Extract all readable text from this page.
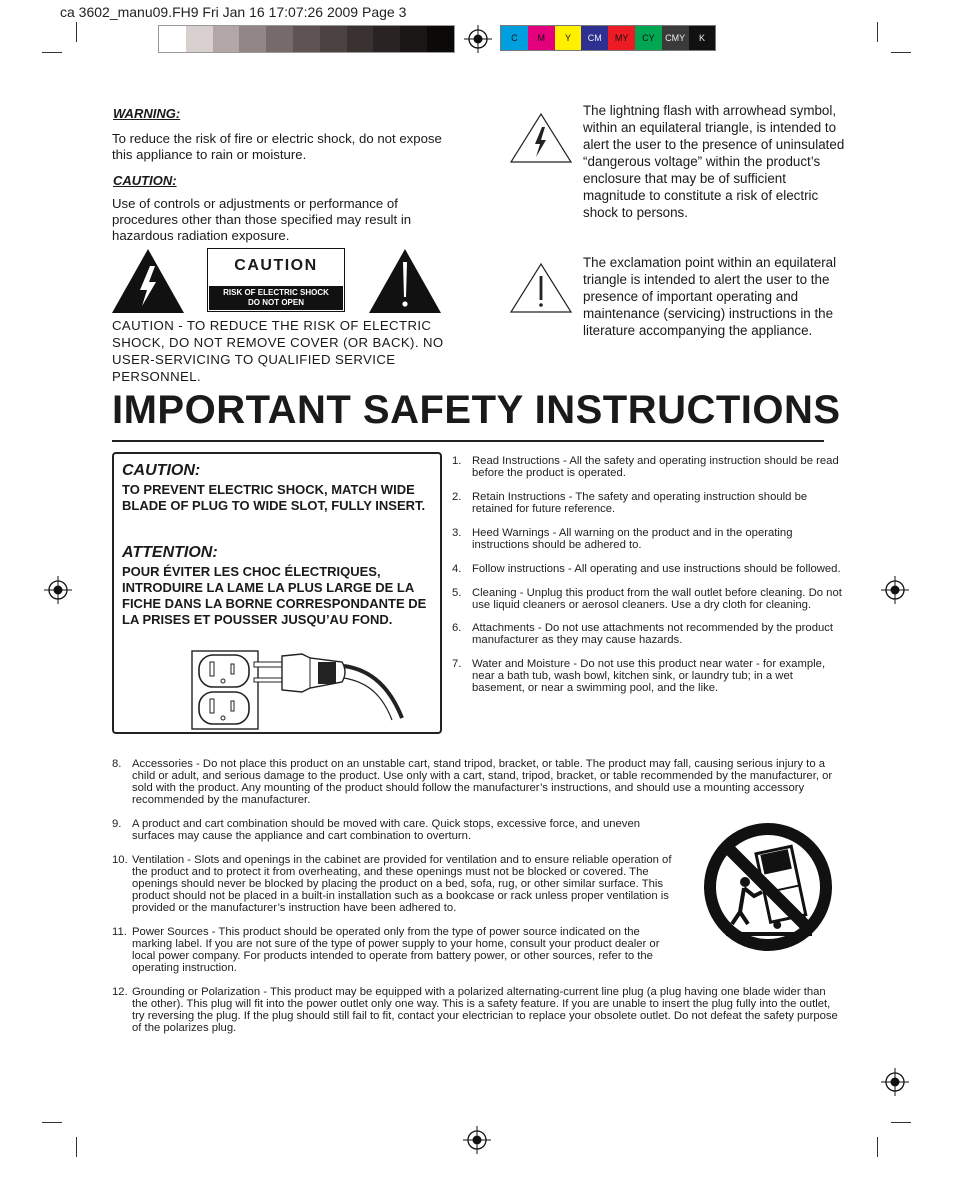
ca 3602_manu09.FH9 Fri Jan 16 17:07:26 2009 Page 3
C	M	Y	CM	MY	CY	CMY	K
WARNING:
To reduce the risk of fire or electric shock, do not expose this appliance to rain or moisture.
CAUTION:
Use of controls or adjustments or performance of procedures other than those specified may result in hazardous radiation exposure.
CAUTION
RISK OF ELECTRIC SHOCK
DO NOT OPEN
CAUTION - TO REDUCE THE RISK OF ELECTRIC SHOCK, DO NOT REMOVE COVER (OR BACK). NO USER-SERVICING TO QUALIFIED SERVICE PERSONNEL.
The lightning flash with arrowhead symbol, within an equilateral triangle, is intended to alert the user to the presence of uninsulated “dangerous voltage” within the product’s enclosure that may be of sufficient magnitude to constitute a risk of electric shock to persons.
The exclamation point within an equilateral triangle is intended to alert the user to the presence of important operating and maintenance (servicing) instructions in the literature accompanying the appliance.
IMPORTANT SAFETY INSTRUCTIONS
CAUTION:
TO PREVENT ELECTRIC SHOCK, MATCH WIDE BLADE OF PLUG TO WIDE SLOT, FULLY INSERT.
ATTENTION:
POUR ÉVITER LES CHOC ÉLECTRIQUES, INTRODUIRE LA LAME LA PLUS LARGE DE LA FICHE DANS LA BORNE CORRESPONDANTE DE LA PRISES ET POUSSER JUSQU’AU FOND.
1. Read Instructions - All the safety and operating instruction should be read before the product is operated.
2. Retain Instructions - The safety and operating instruction should be retained for future reference.
3. Heed Warnings - All warning on the product and in the operating instructions should be adhered to.
4. Follow instructions - All operating and use instructions should be followed.
5. Cleaning - Unplug this product from the wall outlet before cleaning. Do not use liquid cleaners or aerosol cleaners. Use a dry cloth for cleaning.
6. Attachments - Do not use attachments not recommended by the product manufacturer as they may cause hazards.
7. Water and Moisture - Do not use this product near water - for example, near a bath tub, wash bowl, kitchen sink, or laundry tub; in a wet basement, or near a swimming pool, and the like.
8. Accessories - Do not place this product on an unstable cart, stand tripod, bracket, or table. The product may fall, causing serious injury to a child or adult, and serious damage to the product. Use only with a cart, stand, tripod, bracket, or table recommended by the manufacturer, or sold with the product. Any mounting of the product should follow the manufacturer’s instructions, and should use a mounting accessory recommended by the manufacturer.
9. A product and cart combination should be moved with care. Quick stops, excessive force, and uneven surfaces may cause the appliance and cart combination to overturn.
10. Ventilation - Slots and openings in the cabinet are provided for ventilation and to ensure reliable operation of the product and to protect it from overheating, and these openings must not be blocked or covered. The openings should never be blocked by placing the product on a bed, sofa, rug, or other similar surface. This product should not be placed in a built-in installation such as a bookcase or rack unless proper ventilation is provided or the manufacturer’s instruction have been adhered to.
11. Power Sources - This product should be operated only from the type of power source indicated on the marking label. If you are not sure of the type of power supply to your home, consult your product dealer or local power company. For products intended to operate from battery power, or other sources, refer to the operating instruction.
12. Grounding or Polarization - This product may be equipped with a polarized alternating-current line plug (a plug having one blade wider than the other). This plug will fit into the power outlet only one way. This is a safety feature. If you are unable to insert the plug fully into the outlet, try reversing the plug. If the plug should still fail to fit, contact your electrician to replace your obsolete outlet. Do not defeat the safety purpose of the polarizes plug.
